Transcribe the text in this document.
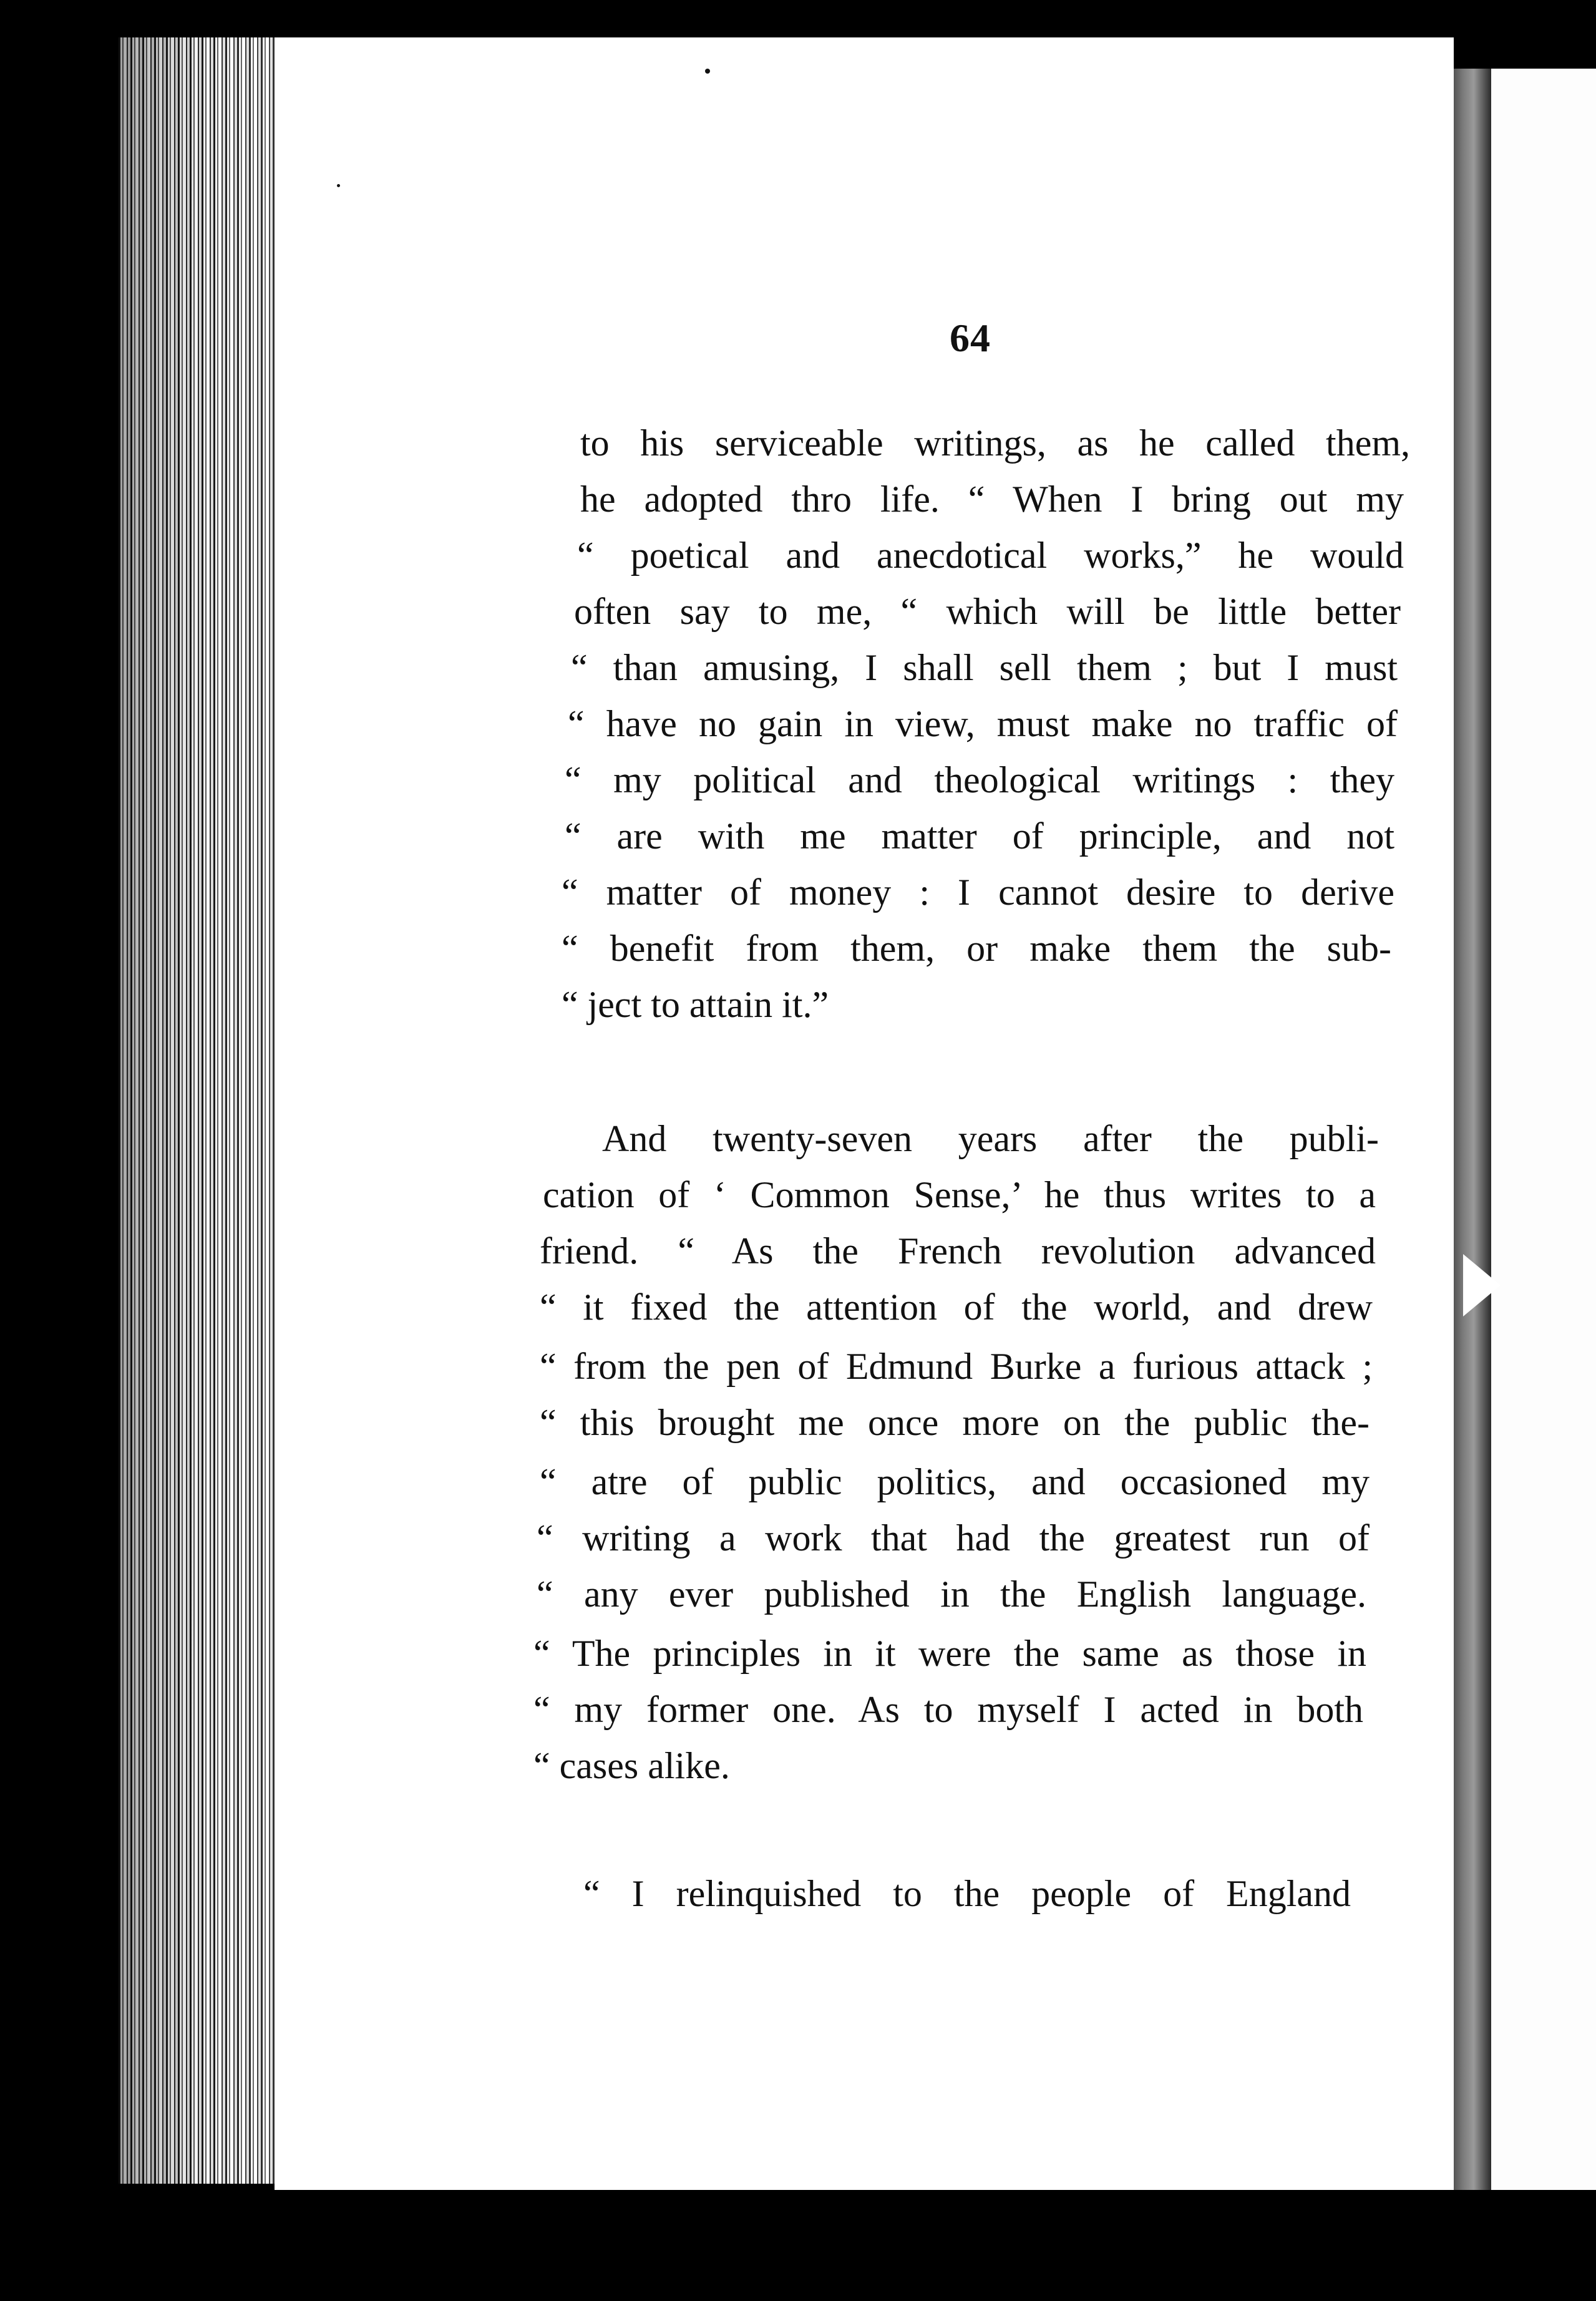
64
to his serviceable writings, as he called them,
he adopted thro life. “ When I bring out my
“ poetical and anecdotical works,” he would
often say to me, “ which will be little better
“ than amusing, I shall sell them ; but I must
“ have no gain in view, must make no traffic of
“ my political and theological writings : they
“ are with me matter of principle, and not
“ matter of money : I cannot desire to derive
“ benefit from them, or make them the sub-
“ ject to attain it.”
And twenty-seven years after the publi-
cation of ‘ Common Sense,’ he thus writes to a
friend. “ As the French revolution advanced
“ it fixed the attention of the world, and drew
“ from the pen of Edmund Burke a furious attack ;
“ this brought me once more on the public the-
“ atre of public politics, and occasioned my
“ writing a work that had the greatest run of
“ any ever published in the English language.
“ The principles in it were the same as those in
“ my former one. As to myself I acted in both
“ cases alike.
“ I relinquished to the people of England
